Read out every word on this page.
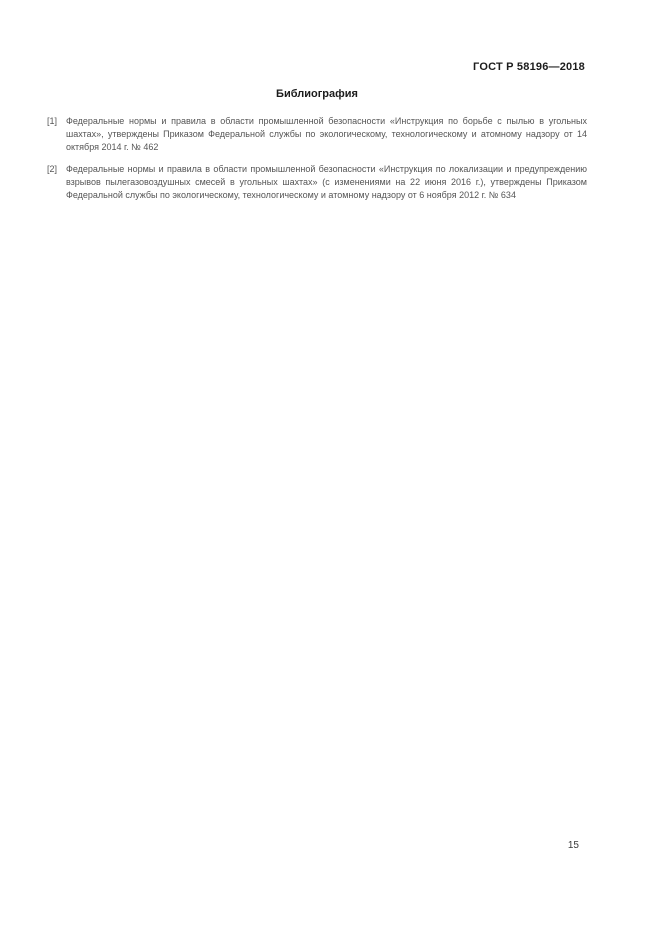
ГОСТ Р 58196—2018
Библиография
[1] Федеральные нормы и правила в области промышленной безопасности «Инструкция по борьбе с пылью в угольных шахтах», утверждены Приказом Федеральной службы по экологическому, технологическому и атомному надзору от 14 октября 2014 г. № 462
[2] Федеральные нормы и правила в области промышленной безопасности «Инструкция по локализации и предупреждению взрывов пылегазовоздушных смесей в угольных шахтах» (с изменениями на 22 июня 2016 г.), утверждены Приказом Федеральной службы по экологическому, технологическому и атомному надзору от 6 ноября 2012 г. № 634
15
